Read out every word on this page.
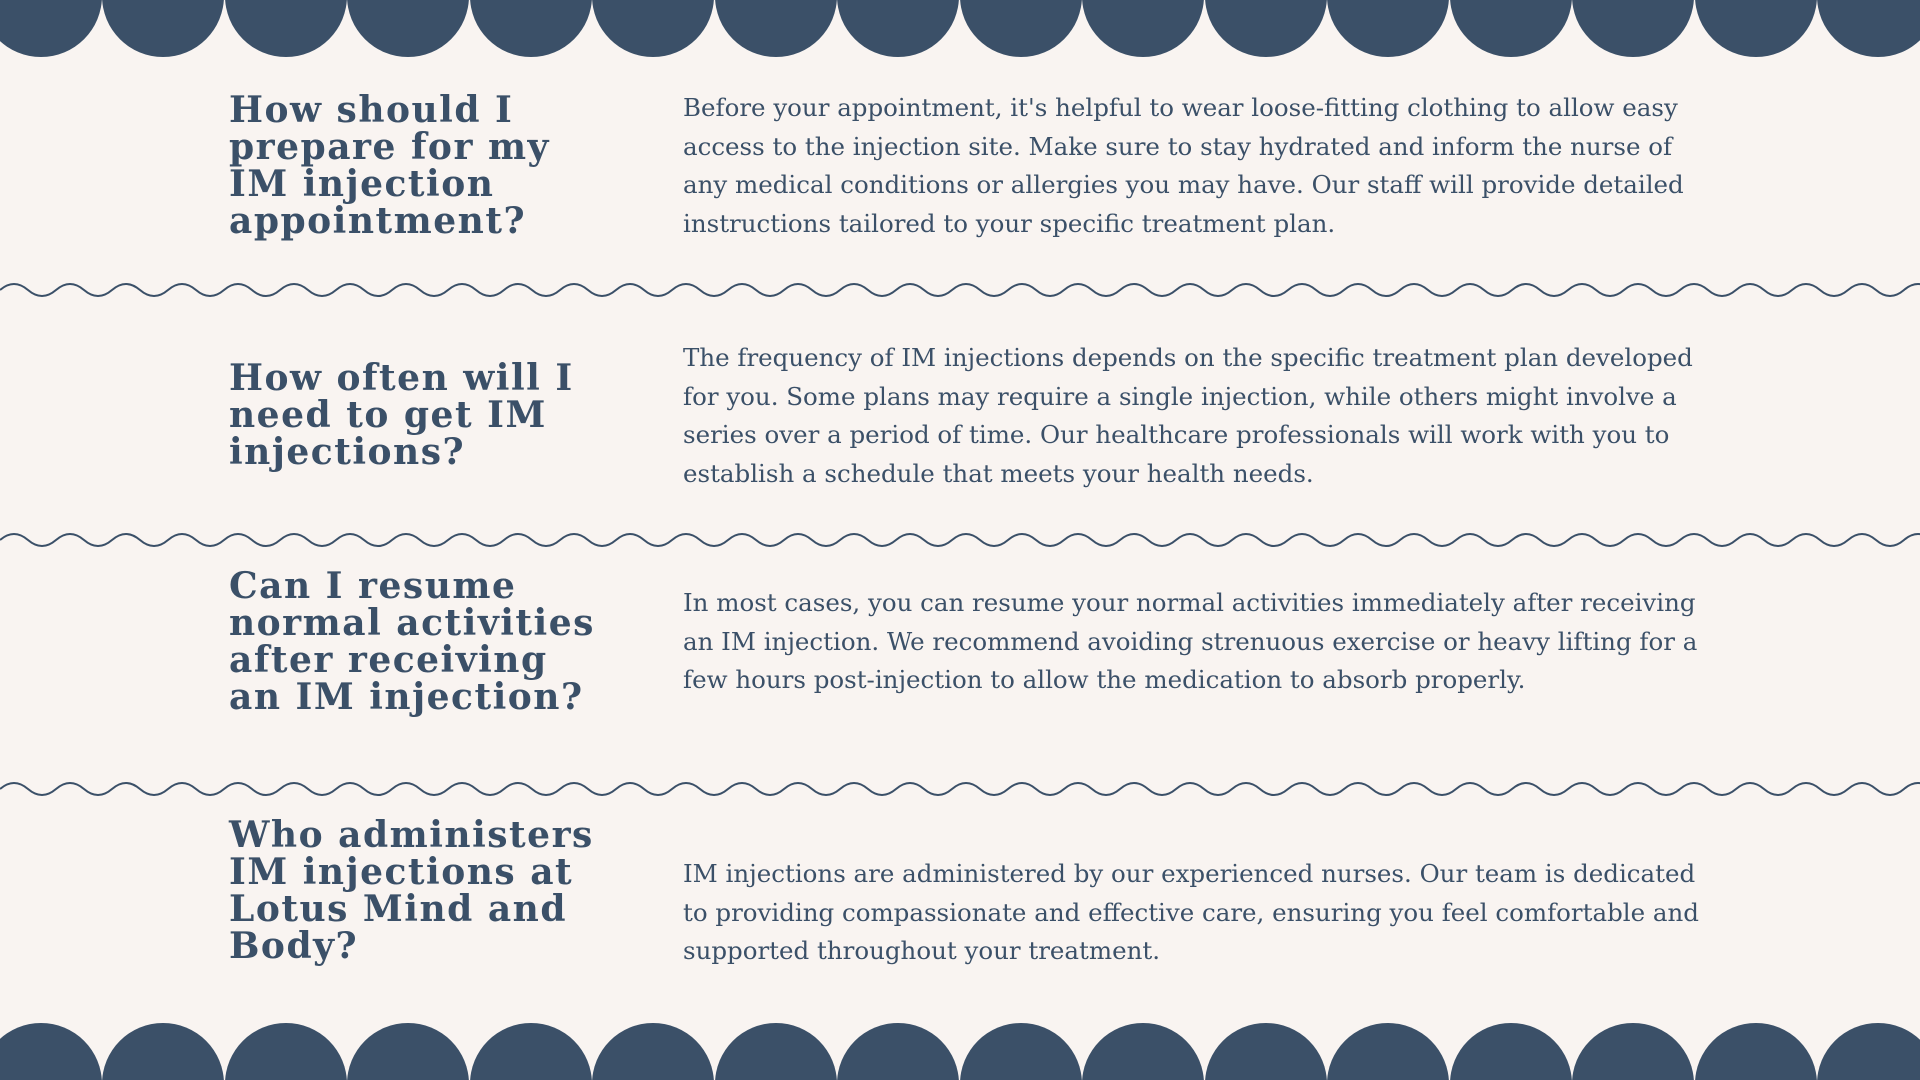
How should I prepare for my IM injection appointment?

Before your appointment, it's helpful to wear loose-fitting clothing to allow easy access to the injection site. Make sure to stay hydrated and inform the nurse of any medical conditions or allergies you may have. Our staff will provide detailed instructions tailored to your specific treatment plan.

How often will I need to get IM injections?

The frequency of IM injections depends on the specific treatment plan developed for you. Some plans may require a single injection, while others might involve a series over a period of time. Our healthcare professionals will work with you to establish a schedule that meets your health needs.

Can I resume normal activities after receiving an IM injection?

In most cases, you can resume your normal activities immediately after receiving an IM injection. We recommend avoiding strenuous exercise or heavy lifting for a few hours post-injection to allow the medication to absorb properly.

Who administers IM injections at Lotus Mind and Body?

IM injections are administered by our experienced nurses. Our team is dedicated to providing compassionate and effective care, ensuring you feel comfortable and supported throughout your treatment.
